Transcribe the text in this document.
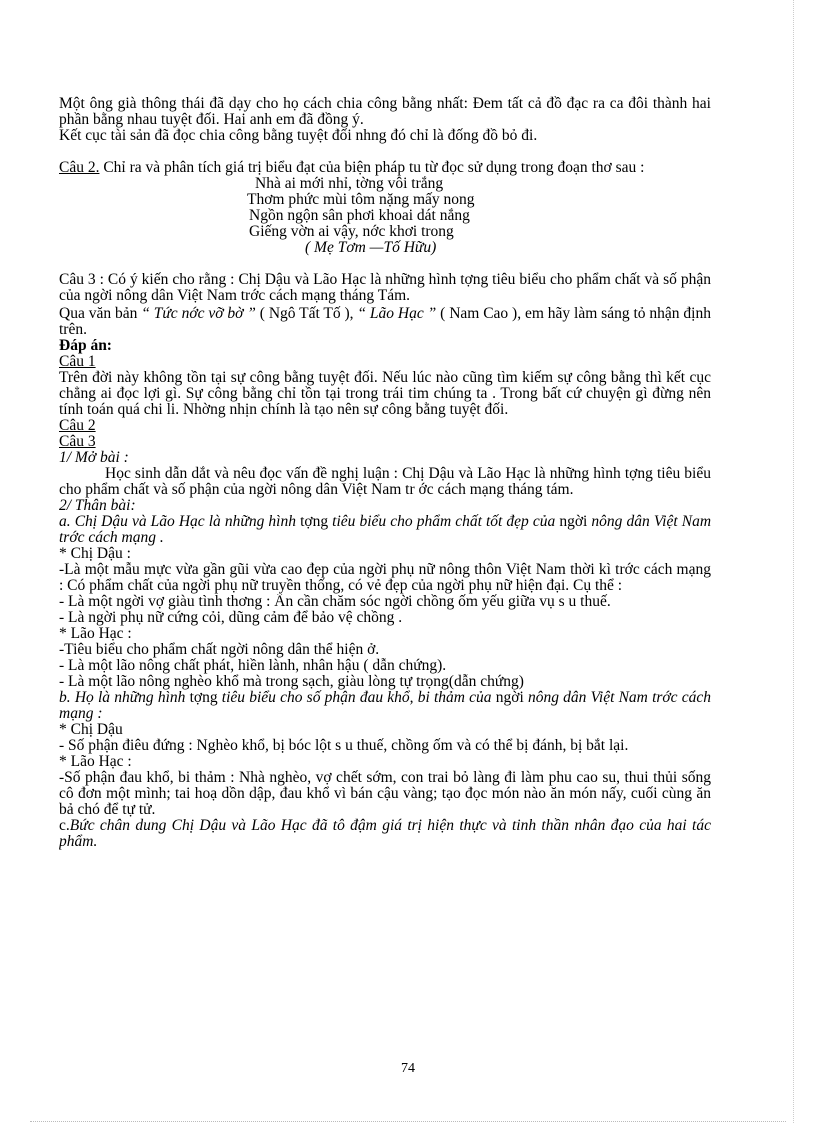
Một ông già thông thái đã dạy cho họ cách chia công bằng nhất: Đem tất cả đồ đạc ra ca đôi thành hai phần bằng nhau tuyệt đối. Hai anh em đã đồng ý.
Kết cục tài sản đã đọc chia công bằng tuyệt đối nhng đó chỉ là đống đồ bỏ đi.
Câu 2. Chỉ ra và phân tích giá trị biểu đạt của biện pháp tu từ đọc sử dụng trong đoạn thơ sau :
Nhà ai mới nhỉ, tờng vôi trắng
Thơm phức mùi tôm nặng mấy nong
Ngồn ngộn sân phơi khoai dát nắng
Giếng vờn ai vậy, nớc khơi trong
( Mẹ Tơm —Tố Hữu)
Câu 3 : Có ý kiến cho rằng : Chị Dậu và Lão Hạc là những hình tợng tiêu biểu cho phẩm chất và số phận của ngời nông dân Việt Nam trớc cách mạng tháng Tám.
Qua văn bản “ Tức nớc vỡ bờ ” ( Ngô Tất Tố ), “ Lão Hạc ” ( Nam Cao ), em hãy làm sáng tỏ nhận định trên.
Đáp án:
Câu 1
Trên đời này không tồn tại sự công bằng tuyệt đối. Nếu lúc nào cũng tìm kiếm sự công bằng thì kết cục chẳng ai đọc lợi gì. Sự công bằng chỉ tồn tại trong trái tim chúng ta . Trong bất cứ chuyện gì đừng nên tính toán quá chi li. Nhờng nhịn chính là tạo nên sự công bằng tuyệt đối.
Câu 2
Câu 3
1/ Mở bài :
Học sinh dẫn dắt và nêu đọc vấn đề nghị luận : Chị Dậu và Lão Hạc là những hình tợng tiêu biểu cho phẩm chất và số phận của ngời nông dân Việt Nam tr ớc cách mạng tháng tám.
2/ Thân bài:
a. Chị Dậu và Lão Hạc là những hình tợng tiêu biểu cho phẩm chất tốt đẹp của ngời nông dân Việt Nam trớc cách mạng .
* Chị Dậu :
-Là một mẫu mực vừa gần gũi vừa cao đẹp của ngời phụ nữ nông thôn Việt Nam thời kì trớc cách mạng : Có phẩm chất của ngời phụ nữ truyền thống, có vẻ đẹp của ngời phụ nữ hiện đại. Cụ thể :
- Là một ngời vợ giàu tình thơng : Ân cần chăm sóc ngời chồng ốm yếu giữa vụ s u thuế.
- Là ngời phụ nữ cứng cỏi, dũng cảm để bảo vệ chồng .
* Lão Hạc :
-Tiêu biểu cho phẩm chất ngời nông dân thể hiện ở.
- Là một lão nông chất phát, hiền lành, nhân hậu ( dẫn chứng).
- Là một lão nông nghèo khổ mà trong sạch, giàu lòng tự trọng(dẫn chứng)
b. Họ là những hình tợng tiêu biểu cho số phận đau khổ, bi thảm của ngời nông dân Việt Nam trớc cách mạng :
* Chị Dậu
- Số phận điêu đứng : Nghèo khổ, bị bóc lột s u thuế, chồng ốm và có thể bị đánh, bị bắt lại.
* Lão Hạc :
-Số phận đau khổ, bi thảm : Nhà nghèo, vợ chết sớm, con trai bỏ làng đi làm phu cao su, thui thủi sống cô đơn một mình; tai hoạ dồn dập, đau khổ vì bán cậu vàng; tạo đọc món nào ăn món nấy, cuối cùng ăn bả chó để tự tử.
c.Bức chân dung Chị Dậu và Lão Hạc đã tô đậm giá trị hiện thực và tinh thần nhân đạo của hai tác phẩm.
74
